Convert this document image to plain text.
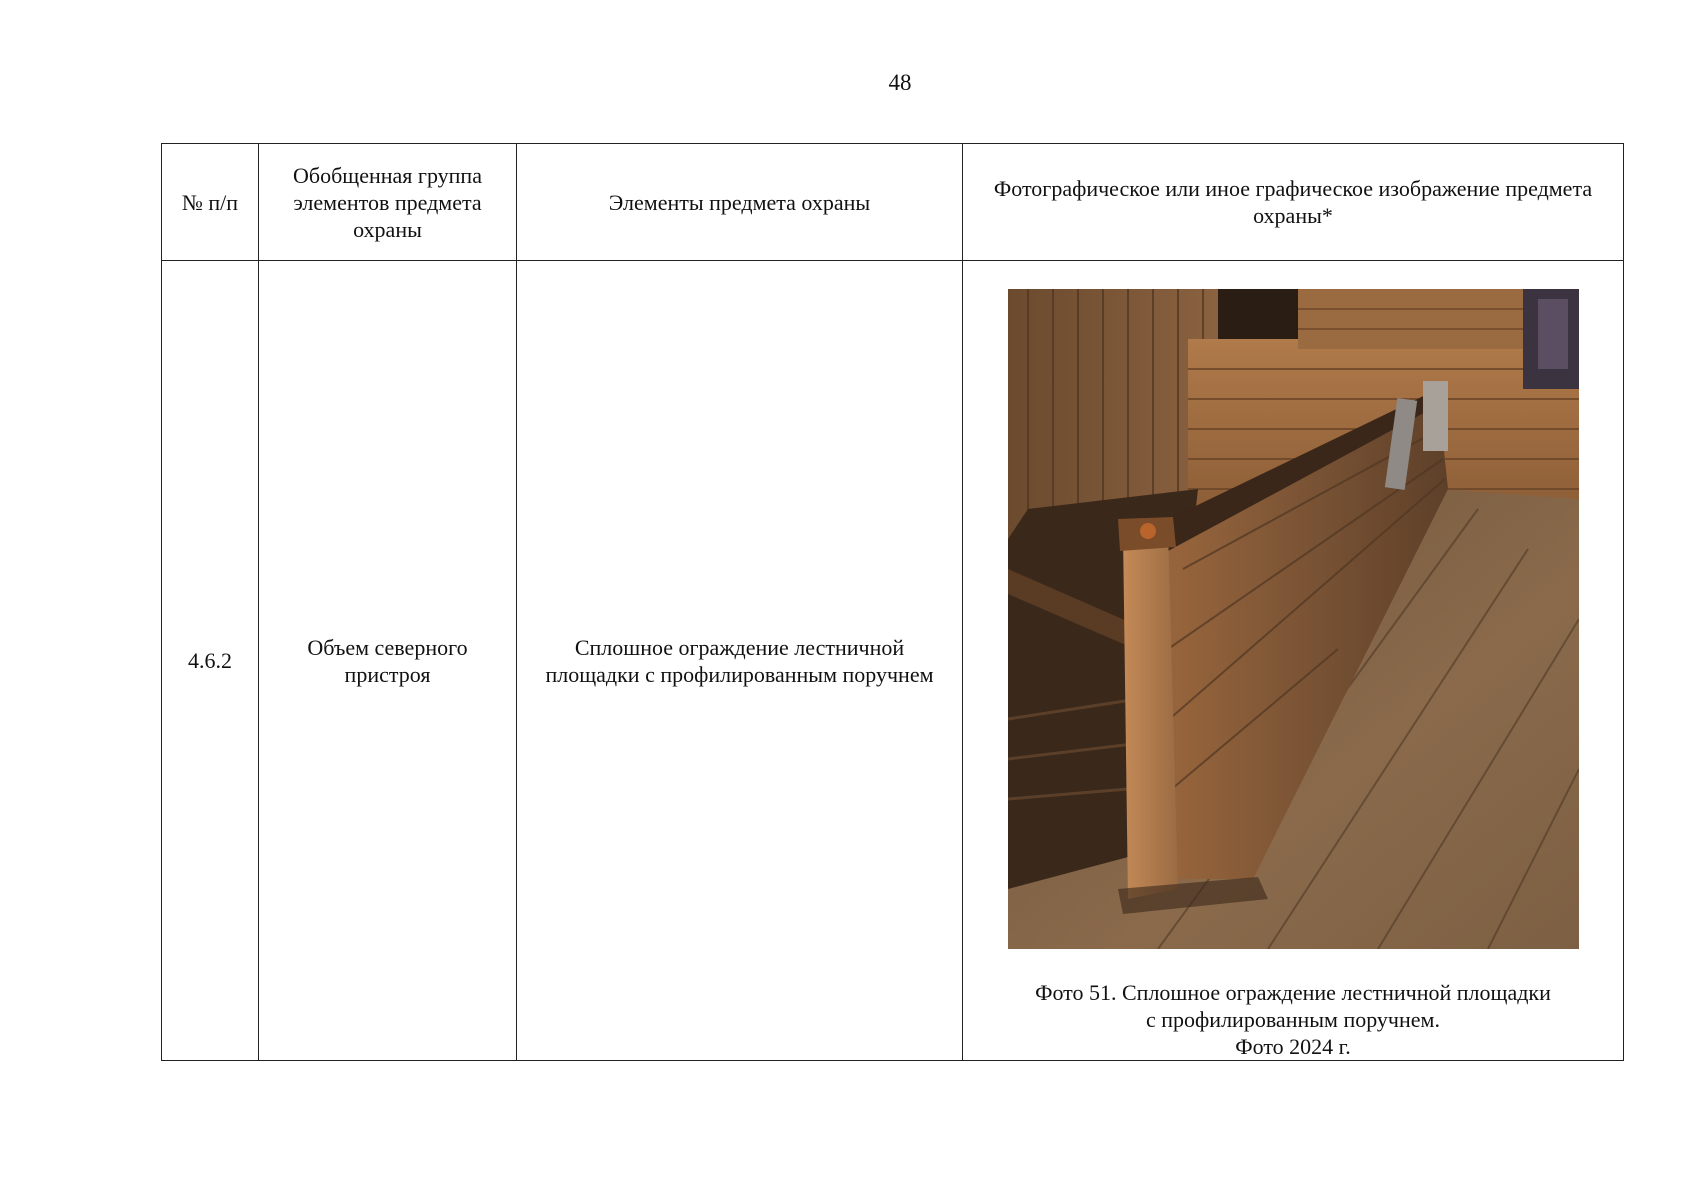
48
№ п/п	Обобщенная группа элементов предмета охраны	Элементы предмета охраны	Фотографическое или иное графическое изображение предмета охраны*
4.6.2	Объем северного пристроя	Сплошное ограждение лестничной площадки с профилированным поручнем	Фото 51. Сплошное ограждение лестничной площадки
с профилированным поручнем.
Фото 2024 г.
